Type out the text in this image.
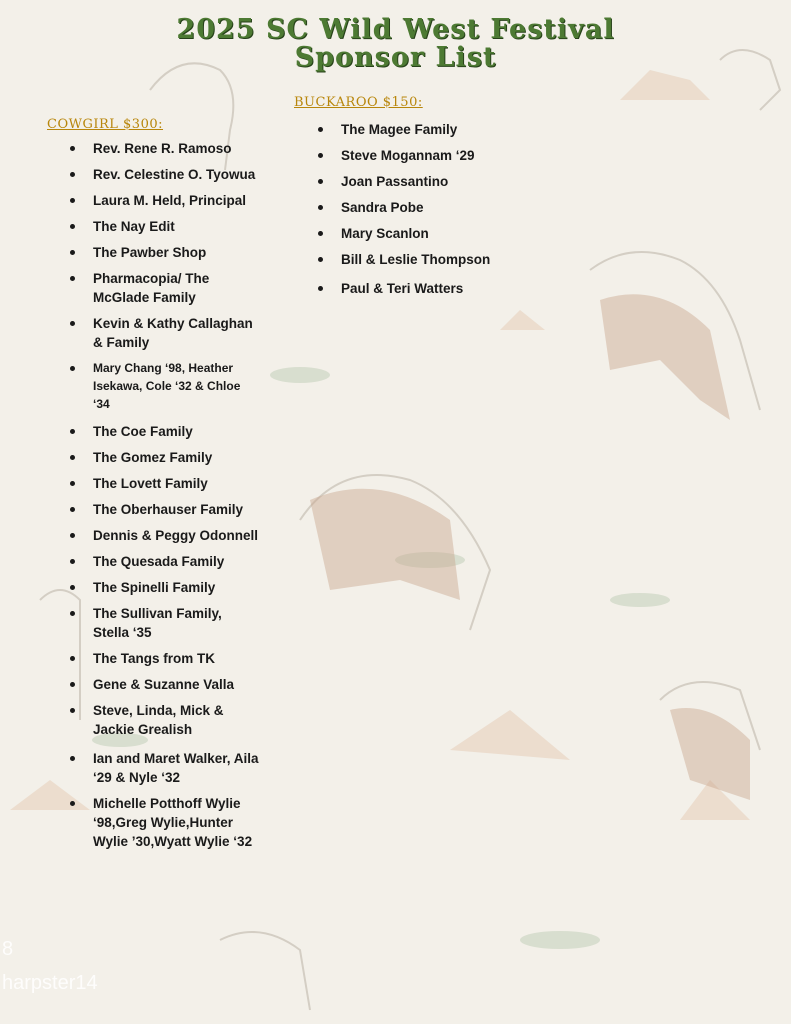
2025 SC Wild West Festival
Sponsor List
COWGIRL $300:
Rev. Rene R. Ramoso
Rev. Celestine O. Tyowua
Laura M. Held, Principal
The Nay Edit
The Pawber Shop
Pharmacopia/ The McGlade Family
Kevin & Kathy Callaghan & Family
Mary Chang ‘98, Heather Isekawa, Cole ‘32 & Chloe ‘34
The Coe Family
The Gomez Family
The Lovett Family
The Oberhauser Family
Dennis & Peggy Odonnell
The Quesada Family
The Spinelli Family
The Sullivan Family, Stella ‘35
The Tangs from TK
Gene & Suzanne Valla
Steve, Linda, Mick & Jackie Grealish
Ian and Maret Walker, Aila ‘29 & Nyle ‘32
Michelle Potthoff Wylie ‘98,Greg Wylie,Hunter Wylie ’30,Wyatt Wylie ‘32
BUCKAROO $150:
The Magee Family
Steve Mogannam ‘29
Joan Passantino
Sandra Pobe
Mary Scanlon
Bill & Leslie Thompson
Paul & Teri Watters
8
harpster14
